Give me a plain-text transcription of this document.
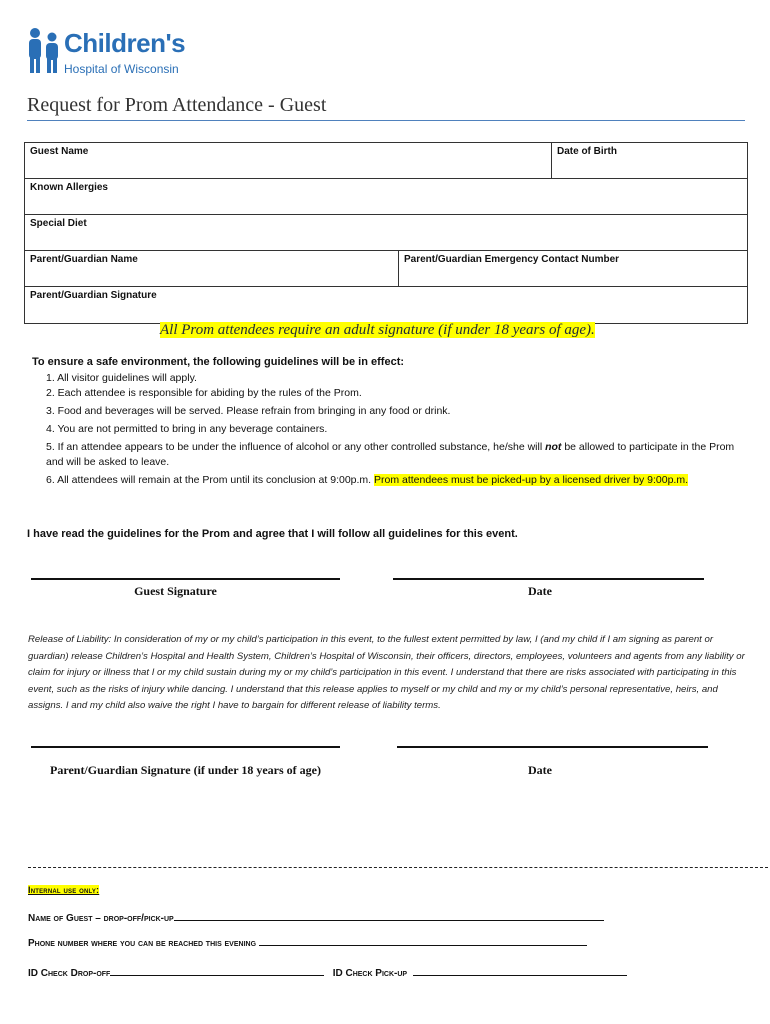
Children's
Hospital of Wisconsin
Request for Prom Attendance - Guest
Guest Name	Date of Birth
Known Allergies
Special Diet
Parent/Guardian Name	Parent/Guardian Emergency Contact Number
Parent/Guardian Signature
All Prom attendees require an adult signature (if under 18 years of age).
To ensure a safe environment, the following guidelines will be in effect:
1. All visitor guidelines will apply.
2. Each attendee is responsible for abiding by the rules of the Prom.
3. Food and beverages will be served. Please refrain from bringing in any food or drink.
4. You are not permitted to bring in any beverage containers.
5. If an attendee appears to be under the influence of alcohol or any other controlled substance, he/she will not be allowed to participate in the Prom and will be asked to leave.
6. All attendees will remain at the Prom until its conclusion at 9:00p.m. Prom attendees must be picked-up by a licensed driver by 9:00p.m.
I have read the guidelines for the Prom and agree that I will follow all guidelines for this event.
Guest Signature	Date
Release of Liability: In consideration of my or my child’s participation in this event, to the fullest extent permitted by law, I (and my child if I am signing as parent or guardian) release Children’s Hospital and Health System, Children’s Hospital of Wisconsin, their officers, directors, employees, volunteers and agents from any liability or claim for injury or illness that I or my child sustain during my or my child’s participation in this event. I understand that there are risks associated with participating in this event, such as the risks of injury while dancing. I understand that this release applies to myself or my child and my or my child’s personal representative, heirs, and assigns. I and my child also waive the right I have to bargain for different release of liability terms.
Parent/Guardian Signature (if under 18 years of age)	Date
Internal use only:
Name of Guest – drop-off/pick-up
Phone number where you can be reached this evening
ID Check Drop-off	ID Check Pick-up
